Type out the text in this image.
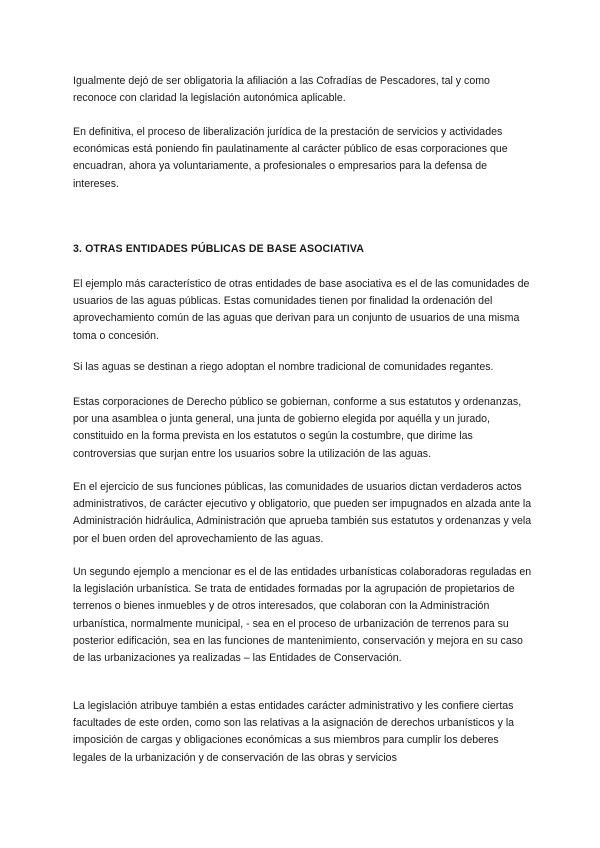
Igualmente dejó de ser obligatoria la afiliación a las Cofradías de Pescadores, tal y como reconoce con claridad la legislación autonómica aplicable.

En definitiva, el proceso de liberalización jurídica de la prestación de servicios y actividades económicas está poniendo fin paulatinamente al carácter público de esas corporaciones que encuadran, ahora ya voluntariamente, a profesionales o empresarios para la defensa de intereses.

3. OTRAS ENTIDADES PÚBLICAS DE BASE ASOCIATIVA

El ejemplo más característico de otras entidades de base asociativa es el de las comunidades de usuarios de las aguas públicas. Estas comunidades tienen por finalidad la ordenación del aprovechamiento común de las aguas que derivan para un conjunto de usuarios de una misma toma o concesión.

Si las aguas se destinan a riego adoptan el nombre tradicional de comunidades regantes.

Estas corporaciones de Derecho público se gobiernan, conforme a sus estatutos y ordenanzas, por una asamblea o junta general, una junta de gobierno elegida por aquélla y un jurado, constituido en la forma prevista en los estatutos o según la costumbre, que dirime las controversias que surjan entre los usuarios sobre la utilización de las aguas.

En el ejercicio de sus funciones públicas, las comunidades de usuarios dictan verdaderos actos administrativos, de carácter ejecutivo y obligatorio, que pueden ser impugnados en alzada ante la Administración hidráulica, Administración que aprueba también sus estatutos y ordenanzas y vela por el buen orden del aprovechamiento de las aguas.

Un segundo ejemplo a mencionar es el de las entidades urbanísticas colaboradoras reguladas en la legislación urbanística. Se trata de entidades formadas por la agrupación de propietarios de terrenos o bienes inmuebles y de otros interesados, que colaboran con la Administración urbanística, normalmente municipal, - sea en el proceso de urbanización de terrenos para su posterior edificación, sea en las funciones de mantenimiento, conservación y mejora en su caso de las urbanizaciones ya realizadas – las Entidades de Conservación.

La legislación atribuye también a estas entidades carácter administrativo y les confiere ciertas facultades de este orden, como son las relativas a la asignación de derechos urbanísticos y la imposición de cargas y obligaciones económicas a sus miembros para cumplir los deberes legales de la urbanización y de conservación de las obras y servicios
